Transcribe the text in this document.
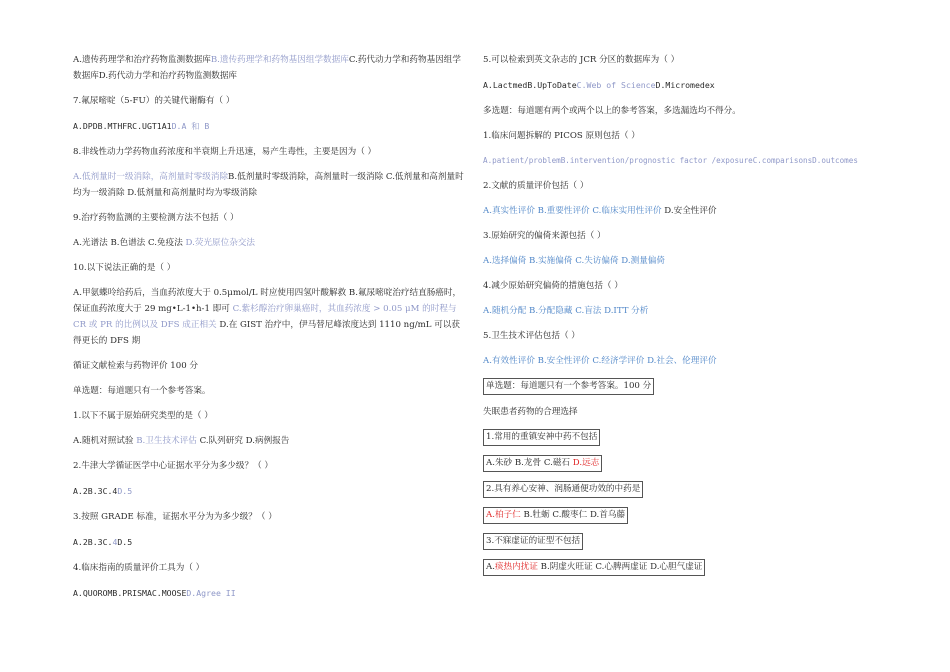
A.遗传药理学和治疗药物监测数据库B.遗传药理学和药物基因组学数据库C.药代动力学和药物基因组学数据库D.药代动力学和治疗药物监测数据库

7.氟尿嘧啶（5-FU）的关键代谢酶有（ ）

A.DPDB.MTHFRC.UGT1A1D.A 和 B

8.非线性动力学药物血药浓度和半衰期上升迅速，易产生毒性，主要是因为（ ）

A.低剂量时一级消除，高剂量时零级消除B.低剂量时零级消除，高剂量时一级消除 C.低剂量和高剂量时均为一级消除 D.低剂量和高剂量时均为零级消除

9.治疗药物监测的主要检测方法不包括（ ）

A.光谱法 B.色谱法 C.免疫法 D.荧光原位杂交法

10.以下说法正确的是（ ）

A.甲氨蝶呤给药后，当血药浓度大于 0.5μmol/L 时应使用四氢叶酸解救 B.氟尿嘧啶治疗结直肠癌时，保证血药浓度大于 29 mg•L-1•h-1 即可 C.紫杉醇治疗卵巢癌时，其血药浓度 > 0.05 μM 的时程与 CR 或 PR 的比例以及 DFS 成正相关 D.在 GIST 治疗中，伊马替尼峰浓度达到 1110 ng/mL 可以获得更长的 DFS 期

循证文献检索与药物评价 100 分

单选题：每道题只有一个参考答案。

1.以下不属于原始研究类型的是（ ）

A.随机对照试验 B.卫生技术评估 C.队列研究 D.病例报告

2.牛津大学循证医学中心证据水平分为多少级？（ ）

A.2B.3C.4D.5

3.按照 GRADE 标准，证据水平分为为多少级？（ ）

A.2B.3C.4D.5

4.临床指南的质量评价工具为（ ）

A.QUOROMB.PRISMAC.MOOSED.Agree II

5.可以检索到英文杂志的 JCR 分区的数据库为（ ）

A.LactmedB.UpToDateC.Web of ScienceD.Micromedex

多选题：每道题有两个或两个以上的参考答案，多选漏选均不得分。

1.临床问题拆解的 PICOS 原则包括（ ）

A.patient/problemB.intervention/prognostic factor /exposureC.comparisonsD.outcomes

2.文献的质量评价包括（ ）

A.真实性评价 B.重要性评价 C.临床实用性评价 D.安全性评价

3.原始研究的偏倚来源包括（ ）

A.选择偏倚 B.实施偏倚 C.失访偏倚 D.测量偏倚

4.减少原始研究偏倚的措施包括（ ）

A.随机分配 B.分配隐藏 C.盲法 D.ITT 分析

5.卫生技术评估包括（ ）

A.有效性评价 B.安全性评价 C.经济学评价 D.社会、伦理评价

单选题：每道题只有一个参考答案。100 分

失眠患者药物的合理选择

1.常用的重镇安神中药不包括

A.朱砂 B.龙骨 C.磁石 D.远志

2.具有养心安神、润肠通便功效的中药是

A.柏子仁 B.牡蛎 C.酸枣仁 D.首乌藤

3.不寐虚证的证型不包括

A.痰热内扰证 B.阴虚火旺证 C.心脾两虚证 D.心胆气虚证
